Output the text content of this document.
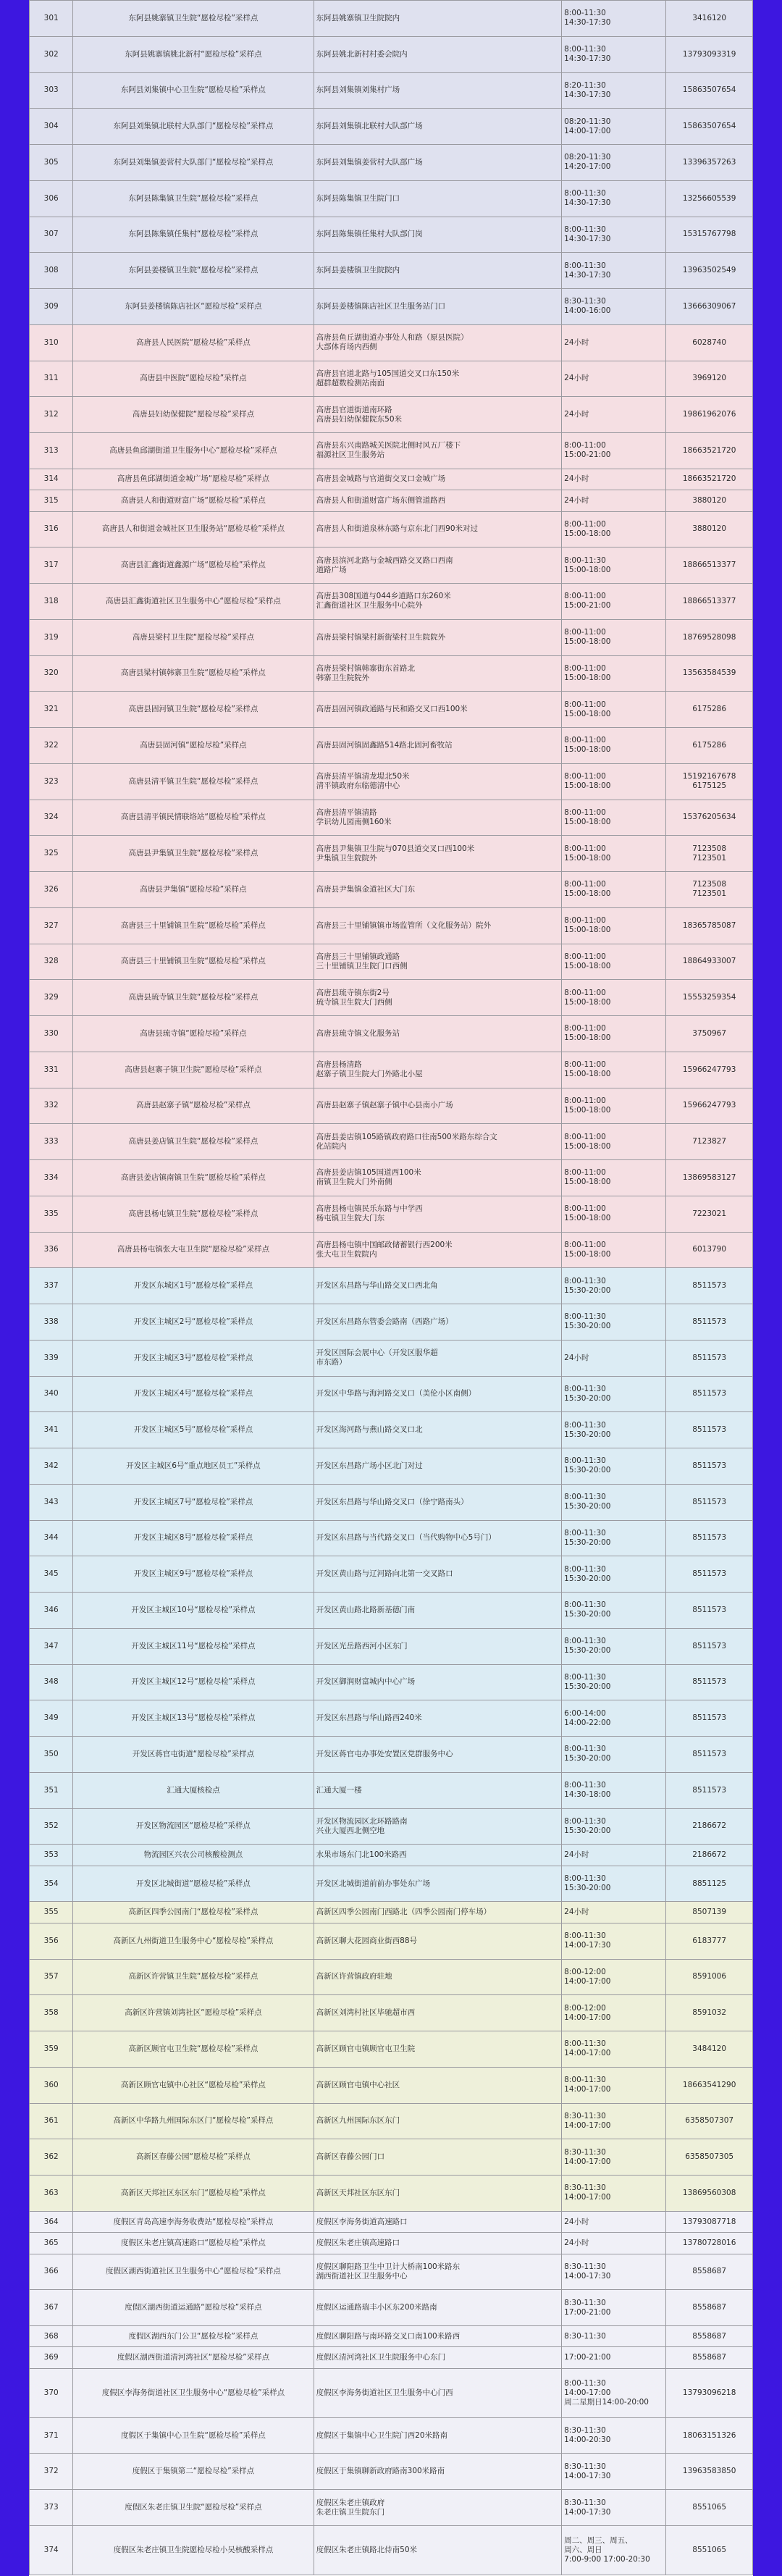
301	东阿县姚寨镇卫生院“愿检尽检”采样点	东阿县姚寨镇卫生院院内	8:00-11:30
14:30-17:30	3416120
302	东阿县姚寨镇姚北新村“愿检尽检”采样点	东阿县姚北新村村委会院内	8:00-11:30
14:30-17:30	13793093319
303	东阿县刘集镇中心卫生院“愿检尽检”采样点	东阿县刘集镇刘集村广场	8:20-11:30
14:30-17:30	15863507654
304	东阿县刘集镇北联村大队部门“愿检尽检”采样点	东阿县刘集镇北联村大队部广场	08:20-11:30
14:00-17:00	15863507654
305	东阿县刘集镇姜营村大队部门“愿检尽检”采样点	东阿县刘集镇姜营村大队部广场	08:20-11:30
14:20-17:00	13396357263
306	东阿县陈集镇卫生院“愿检尽检”采样点	东阿县陈集镇卫生院门口	8:00-11:30
14:30-17:30	13256605539
307	东阿县陈集镇任集村“愿检尽检”采样点	东阿县陈集镇任集村大队部门岗	8:00-11:30
14:30-17:30	15315767798
308	东阿县姜楼镇卫生院“愿检尽检”采样点	东阿县姜楼镇卫生院院内	8:00-11:30
14:30-17:30	13963502549
309	东阿县姜楼镇陈店社区“愿检尽检”采样点	东阿县姜楼镇陈店社区卫生服务站门口	8:30-11:30
14:00-16:00	13666309067
310	高唐县人民医院“愿检尽检”采样点	高唐县鱼丘湖街道办事处人和路（原县医院）
大部体育场内西侧	24小时	6028740
311	高唐县中医院“愿检尽检”采样点	高唐县官道北路与105国道交叉口东150米
超群超数检测站南面	24小时	3969120
312	高唐县妇幼保健院“愿检尽检”采样点	高唐县官道街道南环路
高唐县妇幼保健院东50米	24小时	19861962076
313	高唐县鱼邱湖街道卫生服务中心“愿检尽检”采样点	高唐县东兴南路城关医院北侧时风五厂楼下
福源社区卫生服务站	8:00-11:00
15:00-21:00	18663521720
314	高唐县鱼邱湖街道金城广场“愿检尽检”采样点	高唐县金城路与官道街交叉口金城广场	24小时	18663521720
315	高唐县人和街道财富广场“愿检尽检”采样点	高唐县人和街道财富广场东侧管道路西	24小时	3880120
316	高唐县人和街道金城社区卫生服务站“愿检尽检”采样点	高唐县人和街道泉林东路与京东北门西90米对过	8:00-11:00
15:00-18:00	3880120
317	高唐县汇鑫街道鑫源广场“愿检尽检”采样点	高唐县滨河北路与金城西路交叉路口西南
道路广场	8:00-11:30
15:00-18:00	18866513377
318	高唐县汇鑫街道社区卫生服务中心“愿检尽检”采样点	高唐县308国道与044乡道路口东260米
汇鑫街道社区卫生服务中心院外	8:00-11:00
15:00-21:00	18866513377
319	高唐县梁村卫生院“愿检尽检”采样点	高唐县梁村镇梁村新街梁村卫生院院外	8:00-11:00
15:00-18:00	18769528098
320	高唐县梁村镇韩寨卫生院“愿检尽检”采样点	高唐县梁村镇韩寨街东首路北
韩寨卫生院院外	8:00-11:00
15:00-18:00	13563584539
321	高唐县固河镇卫生院“愿检尽检”采样点	高唐县固河镇政通路与民和路交叉口西100米	8:00-11:00
15:00-18:00	6175286
322	高唐县固河镇“愿检尽检”采样点	高唐县固河镇固鑫路514路北固河畜牧站	8:00-11:00
15:00-18:00	6175286
323	高唐县清平镇卫生院“愿检尽检”采样点	高唐县清平镇清龙堤北50米
清平镇政府东临德清中心	8:00-11:00
15:00-18:00	15192167678
6175125
324	高唐县清平镇民情联络站“愿检尽检”采样点	高唐县清平镇清路
学识幼儿园南侧160米	8:00-11:00
15:00-18:00	15376205634
325	高唐县尹集镇卫生院“愿检尽检”采样点	高唐县尹集镇卫生院与070县道交叉口西100米
尹集镇卫生院院外	8:00-11:00
15:00-18:00	7123508
7123501
326	高唐县尹集镇“愿检尽检”采样点	高唐县尹集镇金道社区大门东	8:00-11:00
15:00-18:00	7123508
7123501
327	高唐县三十里铺镇卫生院“愿检尽检”采样点	高唐县三十里铺镇镇市场监管所（文化服务站）院外	8:00-11:00
15:00-18:00	18365785087
328	高唐县三十里铺镇卫生院“愿检尽检”采样点	高唐县三十里铺镇政通路
三十里铺镇卫生院门口西侧	8:00-11:00
15:00-18:00	18864933007
329	高唐县琉寺镇卫生院“愿检尽检”采样点	高唐县琉寺镇东街2号
琉寺镇卫生院大门西侧	8:00-11:00
15:00-18:00	15553259354
330	高唐县琉寺镇“愿检尽检”采样点	高唐县琉寺镇文化服务站	8:00-11:00
15:00-18:00	3750967
331	高唐县赵寨子镇卫生院“愿检尽检”采样点	高唐县杨清路
赵寨子镇卫生院大门外路北小屋	8:00-11:00
15:00-18:00	15966247793
332	高唐县赵寨子镇“愿检尽检”采样点	高唐县赵寨子镇赵寨子镇中心县南小广场	8:00-11:00
15:00-18:00	15966247793
333	高唐县姜店镇卫生院“愿检尽检”采样点	高唐县姜店镇105路镇政府路口往南500米路东综合文
化站院内	8:00-11:00
15:00-18:00	7123827
334	高唐县姜店镇南镇卫生院“愿检尽检”采样点	高唐县姜店镇105国道西100米
南镇卫生院大门外南侧	8:00-11:00
15:00-18:00	13869583127
335	高唐县杨屯镇卫生院“愿检尽检”采样点	高唐县杨屯镇民乐东路与中学西
杨屯镇卫生院大门东	8:00-11:00
15:00-18:00	7223021
336	高唐县杨屯镇张大屯卫生院“愿检尽检”采样点	高唐县杨屯镇中国邮政储蓄银行西200米
张大屯卫生院院内	8:00-11:00
15:00-18:00	6013790
337	开发区东城区1号“愿检尽检”采样点	开发区东昌路与华山路交叉口西北角	8:00-11:30
15:30-20:00	8511573
338	开发区主城区2号“愿检尽检”采样点	开发区东昌路东管委会路南（西路广场）	8:00-11:30
15:30-20:00	8511573
339	开发区主城区3号“愿检尽检”采样点	开发区国际会展中心（开发区服华超
市东路）	24小时	8511573
340	开发区主城区4号“愿检尽检”采样点	开发区中华路与海河路交叉口（美伦小区南侧）	8:00-11:30
15:30-20:00	8511573
341	开发区主城区5号“愿检尽检”采样点	开发区海河路与燕山路交叉口北	8:00-11:30
15:30-20:00	8511573
342	开发区主城区6号“重点地区员工”采样点	开发区东昌路广场小区北门对过	8:00-11:30
15:30-20:00	8511573
343	开发区主城区7号“愿检尽检”采样点	开发区东昌路与华山路交叉口（徐宁路南头）	8:00-11:30
15:30-20:00	8511573
344	开发区主城区8号“愿检尽检”采样点	开发区东昌路与当代路交叉口（当代购物中心5号门）	8:00-11:30
15:30-20:00	8511573
345	开发区主城区9号“愿检尽检”采样点	开发区黄山路与辽河路向北第一交叉路口	8:00-11:30
15:30-20:00	8511573
346	开发区主城区10号“愿检尽检”采样点	开发区黄山路北路新基德门南	8:00-11:30
15:30-20:00	8511573
347	开发区主城区11号“愿检尽检”采样点	开发区光岳路西河小区东门	8:00-11:30
15:30-20:00	8511573
348	开发区主城区12号“愿检尽检”采样点	开发区御润财富城内中心广场	8:00-11:30
15:30-20:00	8511573
349	开发区主城区13号“愿检尽检”采样点	开发区东昌路与华山路西240米	6:00-14:00
14:00-22:00	8511573
350	开发区蒋官屯街道“愿检尽检”采样点	开发区蒋官屯办事处安置区党群服务中心	8:00-11:30
15:30-20:00	8511573
351	汇通大厦核检点	汇通大厦一楼	8:00-11:30
14:30-18:00	8511573
352	开发区物流园区“愿检尽检”采样点	开发区物流园区北环路路南
兴业大厦西北侧空地	8:00-11:30
15:30-20:00	2186672
353	物流园区兴农公司核酸检测点	水果市场东门北100米路西	24小时	2186672
354	开发区北城街道“愿检尽检”采样点	开发区北城街道前前办事处东广场	8:00-11:30
15:30-20:00	8851125
355	高新区四季公园南门“愿检尽检”采样点	高新区四季公园南门西路北（四季公园南门停车场）	24小时	8507139
356	高新区九州街道卫生服务中心“愿检尽检”采样点	高新区聊大花园商业街西88号	8:00-11:30
14:00-17:30	6183777
357	高新区许营镇卫生院“愿检尽检”采样点	高新区许营镇政府驻地	8:00-12:00
14:00-17:00	8591006
358	高新区许营镇刘湾社区“愿检尽检”采样点	高新区刘湾村社区毕驰超市西	8:00-12:00
14:00-17:00	8591032
359	高新区顾官屯卫生院“愿检尽检”采样点	高新区顾官屯镇顾官屯卫生院	8:00-11:30
14:00-17:00	3484120
360	高新区顾官屯镇中心社区“愿检尽检”采样点	高新区顾官屯镇中心社区	8:00-11:30
14:00-17:00	18663541290
361	高新区中华路九州国际东区门“愿检尽检”采样点	高新区九州国际东区东门	8:30-11:30
14:00-17:00	6358507307
362	高新区春藤公园“愿检尽检”采样点	高新区春藤公园门口	8:30-11:30
14:00-17:00	6358507305
363	高新区天邦社区东区东门“愿检尽检”采样点	高新区天邦社区东区东门	8:30-11:30
14:00-17:00	13869560308
364	度假区青岛高速李海务收费站“愿检尽检”采样点	度假区李海务街道高速路口	24小时	13793087718
365	度假区朱老庄镇高速路口“愿检尽检”采样点	度假区朱老庄镇高速路口	24小时	13780728016
366	度假区湖西街道社区卫生服务中心“愿检尽检”采样点	度假区聊阳路卫生中卫计大桥南100米路东
湖西街道社区卫生服务中心	8:30-11:30
14:00-17:30	8558687
367	度假区湖西街道运通路“愿检尽检”采样点	度假区运通路瑞丰小区东200米路南	8:30-11:30
17:00-21:00	8558687
368	度假区湖西东门公卫“愿检尽检”采样点	度假区聊阳路与南环路交叉口南100米路西	8:30-11:30	8558687
369	度假区湖西街道清河湾社区“愿检尽检”采样点	度假区清河湾社区卫生院服务中心东门	17:00-21:00	8558687
370	度假区李海务街道社区卫生服务中心“愿检尽检”采样点	度假区李海务街道社区卫生服务中心门西	8:00-11:30
14:00-17:00
周二星期日14:00-20:00	13793096218
371	度假区于集镇中心卫生院“愿检尽检”采样点	度假区于集镇中心卫生院门西20米路南	8:30-11:30
14:00-20:30	18063151326
372	度假区于集镇第二“愿检尽检”采样点	度假区于集镇聊新政府路南300米路南	8:30-11:30
14:00-17:30	13963583850
373	度假区朱老庄镇卫生院“愿检尽检”采样点	度假区朱老庄镇政府
朱老庄镇卫生院东门	8:30-11:30
14:00-17:30	8551065
374	度假区朱老庄镇卫生院愿检尽检小吴核酸采样点	度假区朱老庄镇路北侍南50米	周二、周三、周五、
周六、周日
7:00-9:00 17:00-20:30	8551065
